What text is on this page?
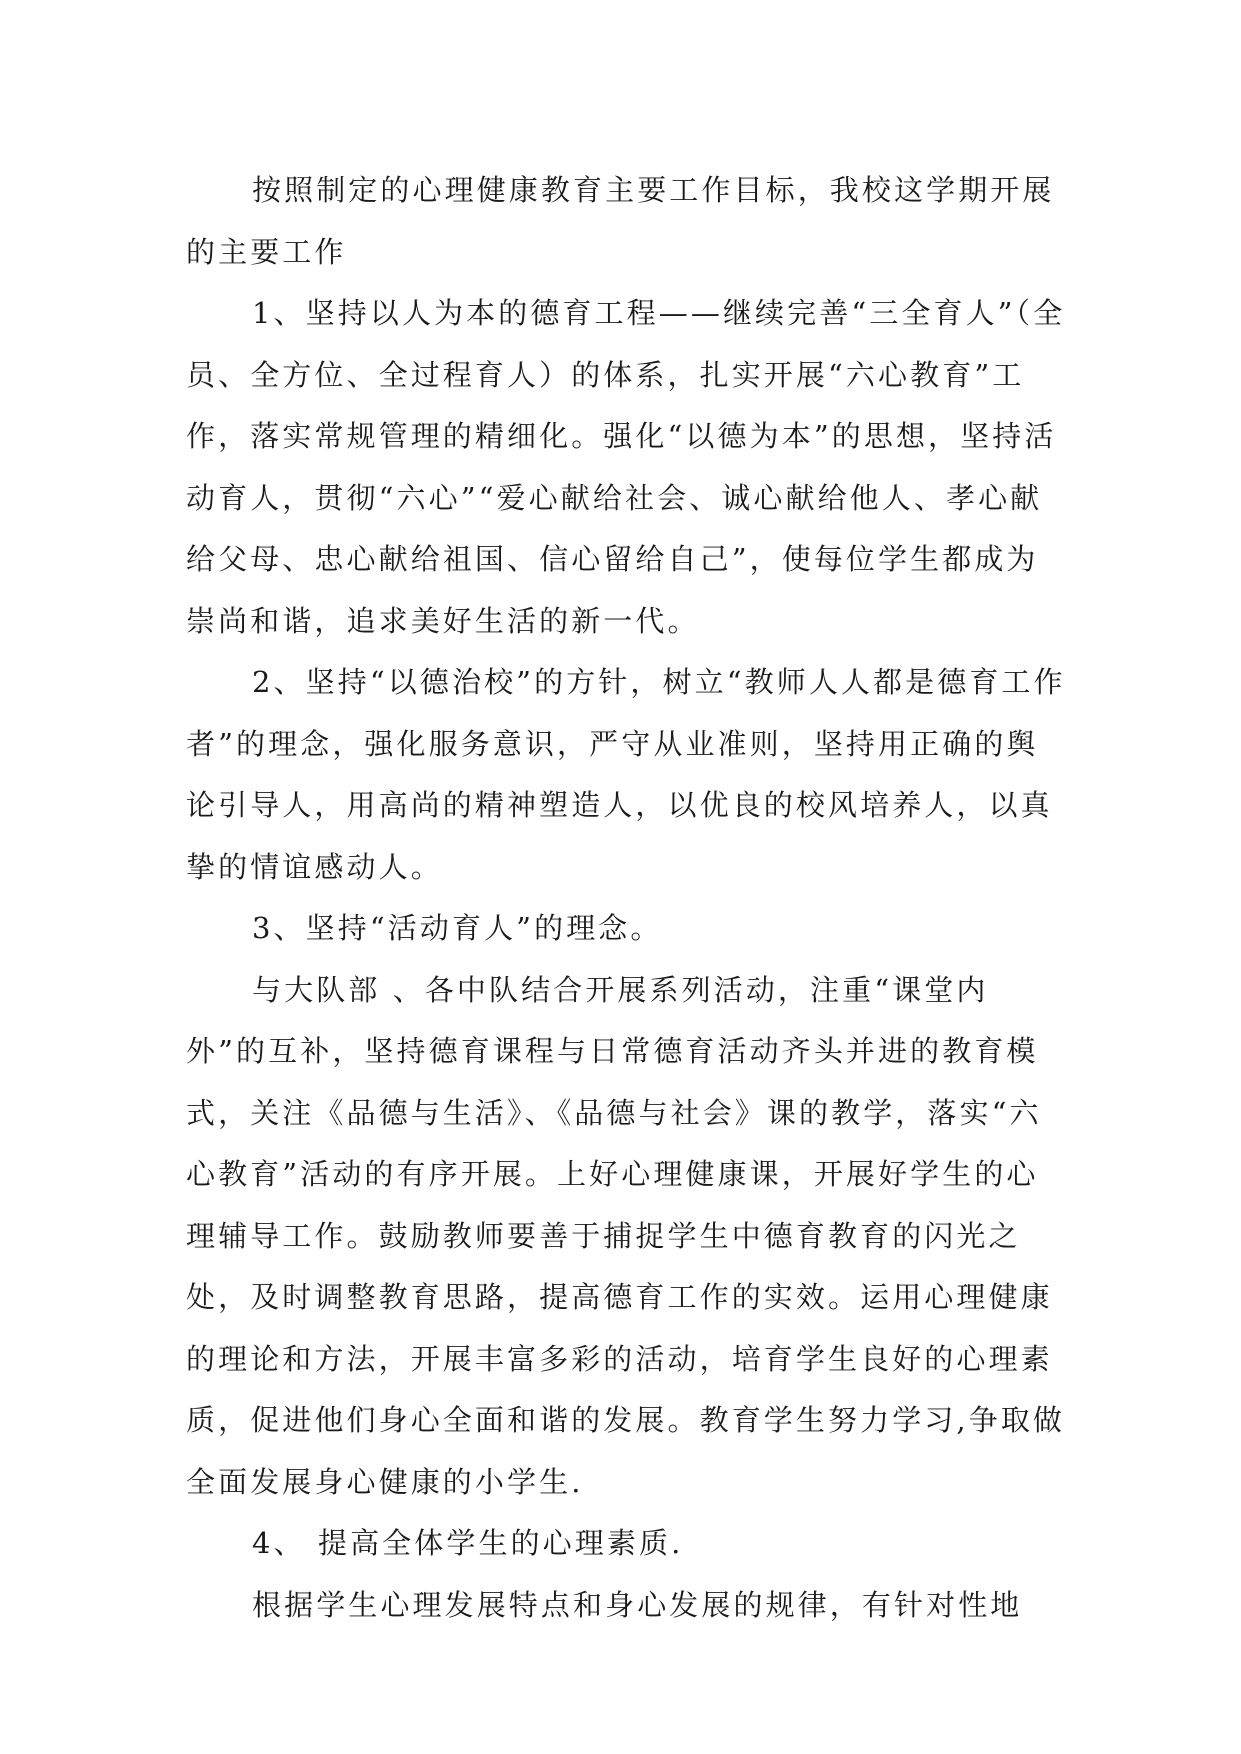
按照制定的心理健康教育主要工作目标，我校这学期开展的主要工作

1、坚持以人为本的德育工程——继续完善“三全育人”（全员、全方位、全过程育人）的体系，扎实开展“六心教育”工作，落实常规管理的精细化。强化“以德为本”的思想，坚持活动育人，贯彻“六心”“爱心献给社会、诚心献给他人、孝心献给父母、忠心献给祖国、信心留给自己”，使每位学生都成为崇尚和谐，追求美好生活的新一代。

2、坚持“以德治校”的方针，树立“教师人人都是德育工作者”的理念，强化服务意识，严守从业准则，坚持用正确的舆论引导人，用高尚的精神塑造人，以优良的校风培养人，以真挚的情谊感动人。

3、坚持“活动育人”的理念。

与大队部 、各中队结合开展系列活动，注重“课堂内外”的互补，坚持德育课程与日常德育活动齐头并进的教育模式，关注《品德与生活》、《品德与社会》课的教学，落实“六心教育”活动的有序开展。上好心理健康课，开展好学生的心理辅导工作。鼓励教师要善于捕捉学生中德育教育的闪光之处，及时调整教育思路，提高德育工作的实效。运用心理健康的理论和方法，开展丰富多彩的活动，培育学生良好的心理素质，促进他们身心全面和谐的发展。教育学生努力学习,争取做全面发展身心健康的小学生.

4、 提高全体学生的心理素质.

根据学生心理发展特点和身心发展的规律，有针对性地
